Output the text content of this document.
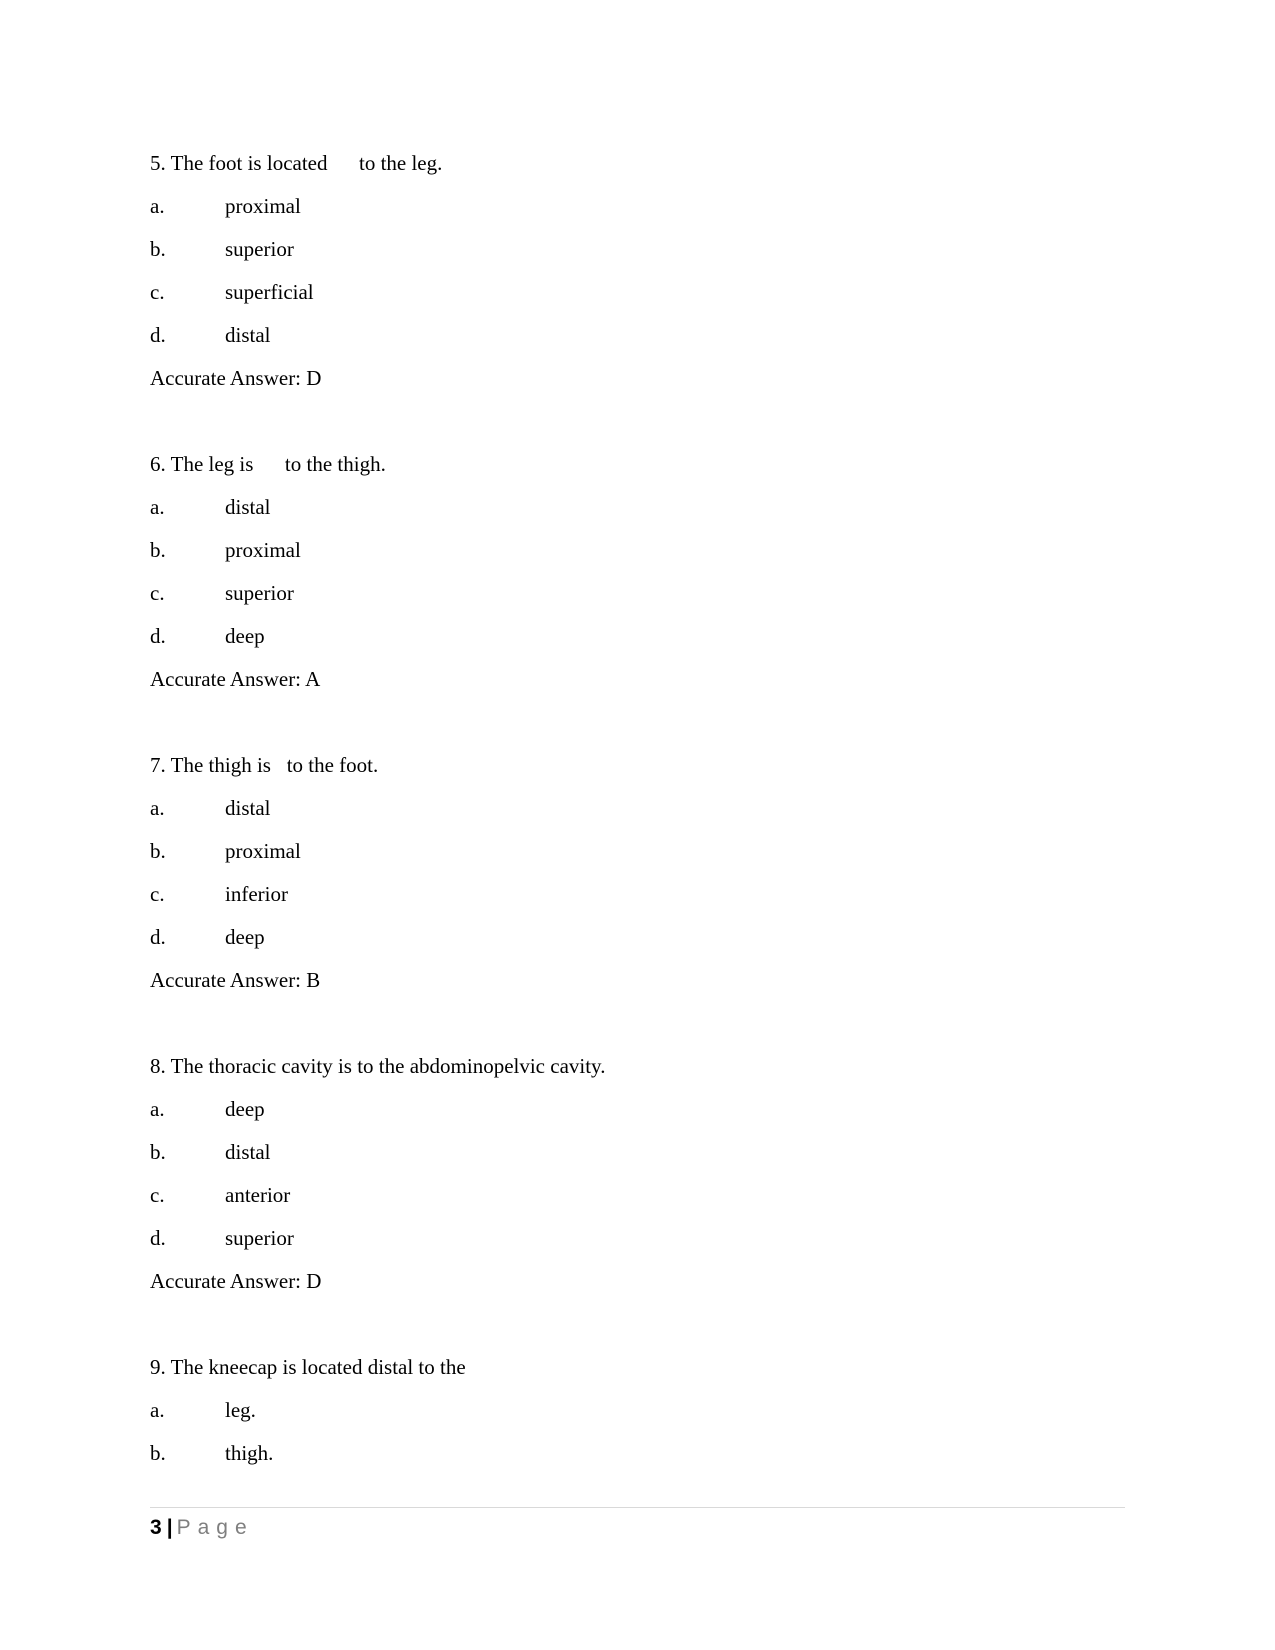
5. The foot is located      to the leg.
a.	proximal
b.	superior
c.	superficial
d.	distal
Accurate Answer: D
6. The leg is      to the thigh.
a.	distal
b.	proximal
c.	superior
d.	deep
Accurate Answer: A
7. The thigh is   to the foot.
a.	distal
b.	proximal
c.	inferior
d.	deep
Accurate Answer: B
8. The thoracic cavity is to the abdominopelvic cavity.
a.	deep
b.	distal
c.	anterior
d.	superior
Accurate Answer: D
9. The kneecap is located distal to the
a.	leg.
b.	thigh.
3 | Page
